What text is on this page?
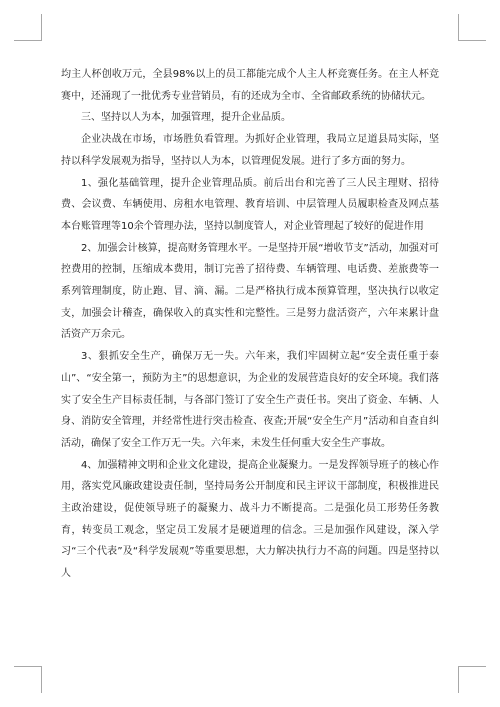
均主人杯创收万元，全县98%以上的员工都能完成个人主人杯竞赛任务。在主人杯竞赛中，还涌现了一批优秀专业营销员，有的还成为全市、全省邮政系统的协储状元。

三、坚持以人为本，加强管理，提升企业品质。

企业决战在市场，市场胜负看管理。为抓好企业管理，我局立足道县局实际，坚持以科学发展观为指导，坚持以人为本，以管理促发展。进行了多方面的努力。

1、强化基础管理，提升企业管理品质。前后出台和完善了三人民主理财、招待费、会议费、车辆使用、房租水电管理、教育培训、中层管理人员履职检查及网点基本台账管理等10余个管理办法，坚持以制度管人，对企业管理起了较好的促进作用

2、加强会计核算，提高财务管理水平。一是坚持开展“增收节支”活动，加强对可控费用的控制，压缩成本费用，制订完善了招待费、车辆管理、电话费、差旅费等一系列管理制度，防止跑、冒、滴、漏。二是严格执行成本预算管理，坚决执行以收定支，加强会计稽查，确保收入的真实性和完整性。三是努力盘活资产，六年来累计盘活资产万余元。

3、狠抓安全生产，确保万无一失。六年来，我们牢固树立起“安全责任重于泰山”、“安全第一，预防为主”的思想意识，为企业的发展营造良好的安全环境。我们落实了安全生产目标责任制，与各部门签订了安全生产责任书。突出了资金、车辆、人身、消防安全管理，并经常性进行突击检查、夜查;开展“安全生产月”活动和自查自纠活动，确保了安全工作万无一失。六年来，未发生任何重大安全生产事故。

4、加强精神文明和企业文化建设，提高企业凝聚力。一是发挥领导班子的核心作用，落实党风廉政建设责任制，坚持局务公开制度和民主评议干部制度，积极推进民主政治建设，促使领导班子的凝聚力、战斗力不断提高。二是强化员工形势任务教育，转变员工观念，坚定员工发展才是硬道理的信念。三是加强作风建设，深入学习“三个代表”及“科学发展观”等重要思想，大力解决执行力不高的问题。四是坚持以人
